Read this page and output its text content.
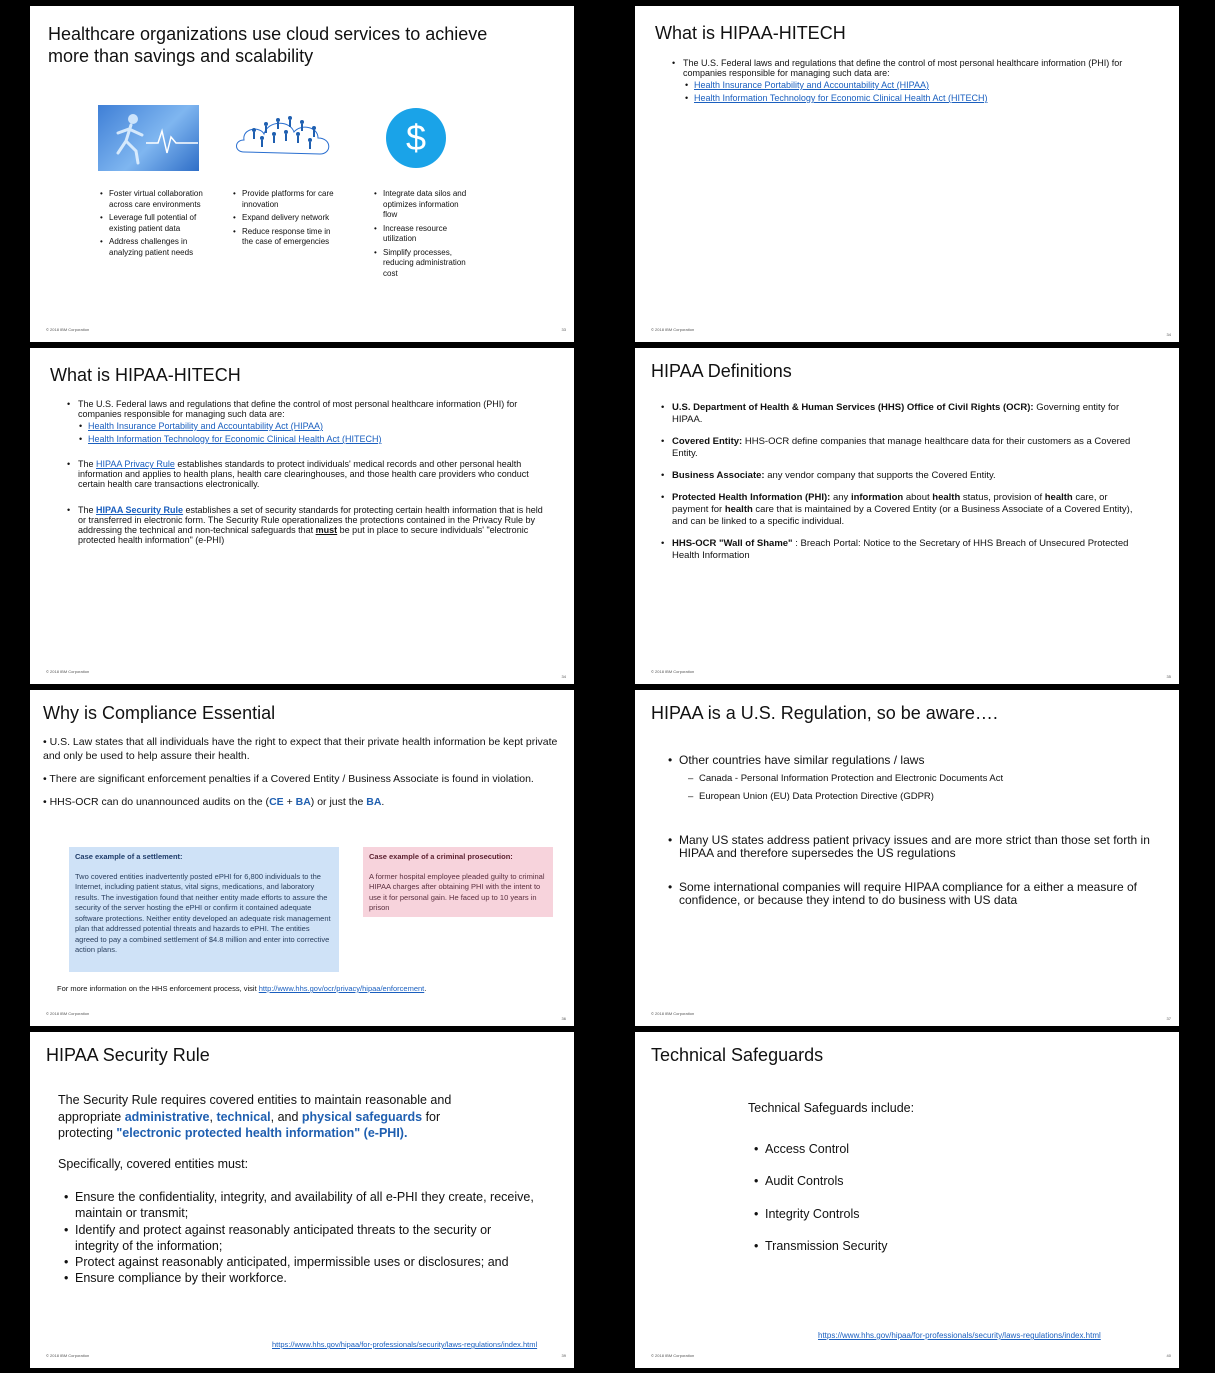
Healthcare organizations use cloud services to achieve more than savings and scalability
$
• Foster virtual collaboration across care environments
• Leverage full potential of existing patient data
• Address challenges in analyzing patient needs
• Provide platforms for care innovation
• Expand delivery network
• Reduce response time in the case of emergencies
• Integrate data silos and optimizes information flow
• Increase resource utilization
• Simplify processes, reducing administration cost
© 2018 IBM Corporation	33
What is HIPAA-HITECH
• The U.S. Federal laws and regulations that define the control of most personal healthcare information (PHI) for companies responsible for managing such data are:
• Health Insurance Portability and Accountability Act (HIPAA)
• Health Information Technology for Economic Clinical Health Act (HITECH)
© 2018 IBM Corporation
34
What is HIPAA-HITECH
• The U.S. Federal laws and regulations that define the control of most personal healthcare information (PHI) for companies responsible for managing such data are:
• Health Insurance Portability and Accountability Act (HIPAA)
• Health Information Technology for Economic Clinical Health Act (HITECH)
• The HIPAA Privacy Rule establishes standards to protect individuals' medical records and other personal health information and applies to health plans, health care clearinghouses, and those health care providers who conduct certain health care transactions electronically.
• The HIPAA Security Rule establishes a set of security standards for protecting certain health information that is held or transferred in electronic form. The Security Rule operationalizes the protections contained in the Privacy Rule by addressing the technical and non-technical safeguards that must be put in place to secure individuals' "electronic protected health information" (e-PHI)
© 2018 IBM Corporation
34
HIPAA Definitions
• U.S. Department of Health & Human Services (HHS) Office of Civil Rights (OCR): Governing entity for HIPAA.
• Covered Entity: HHS-OCR define companies that manage healthcare data for their customers as a Covered Entity.
• Business Associate: any vendor company that supports the Covered Entity.
• Protected Health Information (PHI): any information about health status, provision of health care, or payment for health care that is maintained by a Covered Entity (or a Business Associate of a Covered Entity), and can be linked to a specific individual.
• HHS-OCR "Wall of Shame" : Breach Portal: Notice to the Secretary of HHS Breach of Unsecured Protected Health Information
© 2018 IBM Corporation
35
Why is Compliance Essential
• U.S. Law states that all individuals have the right to expect that their private health information be kept private and only be used to help assure their health.
• There are significant enforcement penalties if a Covered Entity / Business Associate is found in violation.
• HHS-OCR can do unannounced audits on the (CE + BA) or just the BA.
Case example of a settlement:
Two covered entities inadvertently posted ePHI for 6,800 individuals to the Internet, including patient status, vital signs, medications, and laboratory results. The investigation found that neither entity made efforts to assure the security of the server hosting the ePHI or confirm it contained adequate software protections. Neither entity developed an adequate risk management plan that addressed potential threats and hazards to ePHI. The entities agreed to pay a combined settlement of $4.8 million and enter into corrective action plans.
Case example of a criminal prosecution:
A former hospital employee pleaded guilty to criminal HIPAA charges after obtaining PHI with the intent to use it for personal gain. He faced up to 10 years in prison
For more information on the HHS enforcement process, visit http://www.hhs.gov/ocr/privacy/hipaa/enforcement.
© 2018 IBM Corporation
36
HIPAA is a U.S. Regulation, so be aware….
• Other countries have similar regulations / laws
– Canada - Personal Information Protection and Electronic Documents Act
– European Union (EU) Data Protection Directive (GDPR)
• Many US states address patient privacy issues and are more strict than those set forth in HIPAA and therefore supersedes the US regulations
• Some international companies will require HIPAA compliance for a either a measure of confidence, or because they intend to do business with US data
© 2018 IBM Corporation
37
HIPAA Security Rule
The Security Rule requires covered entities to maintain reasonable and appropriate administrative, technical, and physical safeguards for protecting "electronic protected health information" (e-PHI).
Specifically, covered entities must:
• Ensure the confidentiality, integrity, and availability of all e-PHI they create, receive, maintain or transmit;
• Identify and protect against reasonably anticipated threats to the security or integrity of the information;
• Protect against reasonably anticipated, impermissible uses or disclosures; and
• Ensure compliance by their workforce.
https://www.hhs.gov/hipaa/for-professionals/security/laws-regulations/index.html
© 2018 IBM Corporation	39
Technical Safeguards
Technical Safeguards include:
• Access Control
• Audit Controls
• Integrity Controls
• Transmission Security
https://www.hhs.gov/hipaa/for-professionals/security/laws-regulations/index.html
© 2018 IBM Corporation	40
